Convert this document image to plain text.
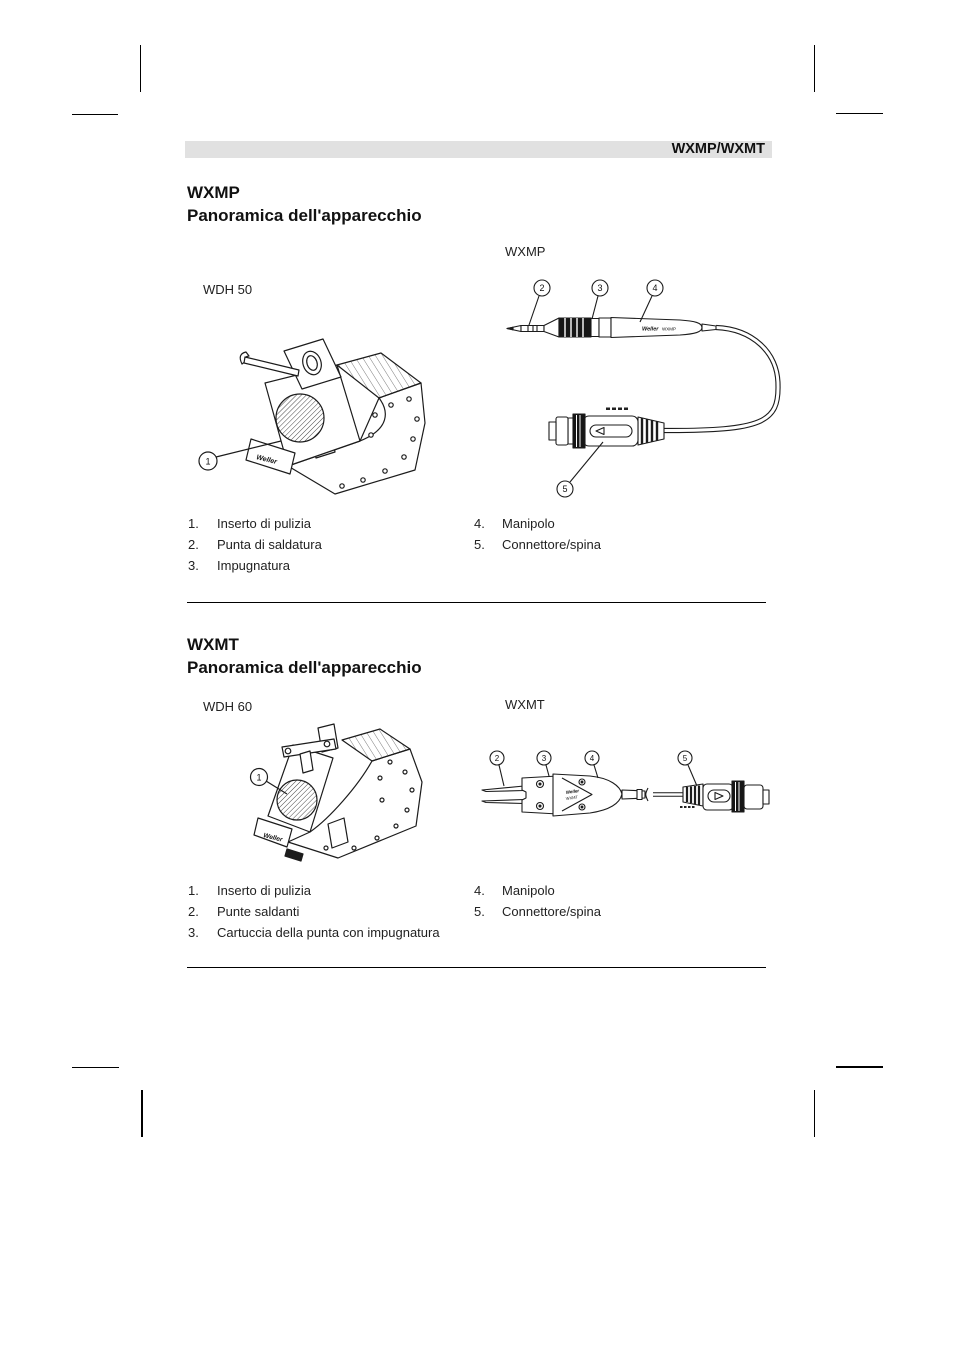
WXMP/WXMT
WXMP
Panoramica dell'apparecchio
WXMP
WDH 50
1	Weller
2	3	4
5
Weller WXMP
1. Inserto di pulizia
2. Punta di saldatura
3. Impugnatura
4. Manipolo
5. Connettore/spina
WXMT
Panoramica dell'apparecchio
WXMT
WDH 60
1
Weller
2	3	4	5
Weller
WXMT
1. Inserto di pulizia
2. Punte saldanti
3. Cartuccia della punta con impugnatura
4. Manipolo
5. Connettore/spina
